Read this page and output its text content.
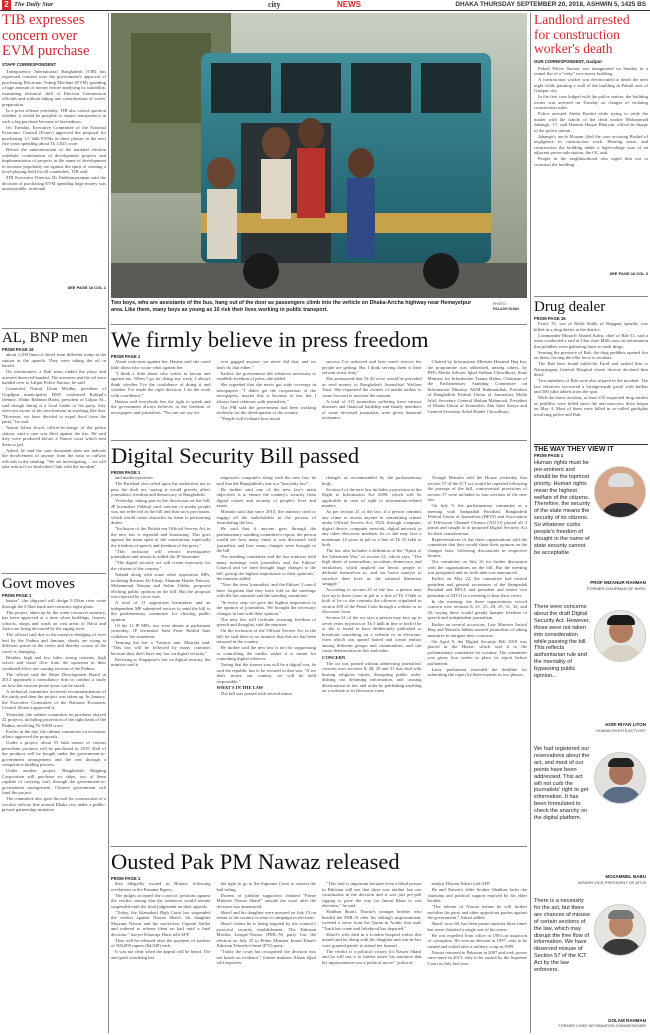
2 The Daily Star	city	NEWS	DHAKA THURSDAY SEPTEMBER 20, 2018, ASHWIN 5, 1425 BS
TIB expresses concern over EVM purchase
STAFF CORRESPONDENT

Transparency International Bangladesh (TIB) has expressed concern over the government's approval of purchasing Electronic Voting Machine (EVM) spending a huge amount of money before analysing its suitability, examining technical skill of Election Commission officials and without taking into consideration of voters' preparation.

In a press release yesterday, TIB also raised question whether it would be possible to ensure transparency in such a big purchase because of hurriedness.

On Tuesday, Executive Committee of the National Economic Council (Ecnec) approved the proposal for purchasing 1.5 lakh EVMs in three phases in the next five years spending about Tk 3,825 crore.

Before the announcement of the national election schedule, continuation of development projects and implementation of projects in the name of development to increase popularity are against the spirit of creating a level-playing field for all contenders, TIB said.

TIB Executive Director Dr Iftekharuzzaman said the decision of purchasing EVM spending huge money was unreasonable, irrational

SEE PAGE 16 COL 1
AL, BNP men
FROM PAGE 16

about 3,100 lines of diesel from different trains in the station in the upazila. They were taking the oil in barrels.

On information, a Rab team raided the place and arrested them red-handed. The arrestees and the oil were handed over to Lalpur Police Station, he said.

Contacted, Nasrul Islam Mridha, president of Gopalpur municipality BNP, confirmed Rafiqul's identity. Abdur Rahman Hadsi, president of Lalpur AL, said though Imtiaj is a local leader of his party, they were not aware of his involvement in anything like that. "However, we have decided to expel Awal from the party," he said.

Nazrul Islam Jewel, officer-in-charge of the police station, said a case was filed against the trio. He said they were produced before a Natore court which sent them to jail.

Asked, he said the case document does not indicate the involvement of anyone from the train or railway officials in the stealing. "We are investigating ... we will take action if we find others' link with the incident".

Govt moves
FROM PAGE 1

basins", the shipyard will design 9.25km river route through the 8.5km bank and construct eight ghats.

The project, taken up by the water resources ministry, has been approved at a time when buildings, houses, schools, shops and roads on vast areas of Naria and Jazira are being devoured by the raging river.

The official said due to the massive dredging of river bed by the Padma and Jamuna, shoals are rising at different points in the rivers and thereby course of the rivers is changing.

Besides, high and low tides, strong currents, high waves and water flow from the upstream in their combined effect are causing erosion of the Padma.

The official said the Water Development Board in 2012 appointed a consultancy firm to conduct a study on how the erosion-prone areas can be saved.

A technical committee reviewed recommendations of the study and then the project was taken up. In January, the Executive Committee of the National Economic Council (Ecnec) approved it.

Yesterday, the cabinet committee on purchase okayed 22 projects, including protection of the right bank of the Padma, involving Tk 9,800 crore.

Earlier in the day, the cabinet committee on economic affairs approved the proposals.

Under a project, about 55 lakh tonnes of various petroleum products will be purchased in 2019. Half of the products will be bought under the government-to-government arrangement and the rest through a competitive bidding process.

Under another project, Bangladesh Shipping Corporation will purchase six ships, two of them capable of carrying coal, through the government-to-government arrangement. Chinese government will fund the project.

The committee also gave the nod for construction of a circular railway line around Dhaka city under a public-private partnership initiative.

Two boys, who are assistants of the bus, hang out of the door as passengers climb into the vehicle on Dhaka-Aricha highway near Hemayetpur area. Like them, many boys as young as 10 risk their lives working in public transport.
PHOTO:
PALASH KHAN
We firmly believe in press freedom
FROM PAGE 1

About criticisms against her, Hasina said she cared little about who wrote what against her.

"I think a little about who writes in favour and against me. When I go for doing any work, I always think whether I've the confidence of doing it and whether I've made the right decision. I do the work with confidence."

Hasina said everybody has the right to speak and the government always believes in the freedom of newspapers and journalists. "No one can say we

ever gagged anyone; we never did that, and we don't do that either."

Earlier, the government did whatever necessary to establish freedom of press, she added.

She regretted that she never got wide coverage in newspapers. "I didn't get the cooperation of the newspapers, maybe this is because of me, but I always have relations with journalists."

The PM said the government had been working tirelessly for the development of the country.

"People will evaluate how much

success I've achieved and how much service the people are getting. But I think serving them is their servant in my duty."

She announced that Tk 20 crore would be provided as seed money to Bangladesh Journalists' Welfare Trust. She requested the owners of media outlets to come forward to increase the amount.

A total of 315 journalists suffering from various diseases and financial hardship and family members of some deceased journalists were given financial assistance.

Chaired by Information Minister Hasanul Haq Inu, the programme was addressed, among others, by PM's Media Adviser Iqbal Sobhan Chowdhury, State Minister for Information Tarana Halim, Chairman of the Parliamentary Standing Committee on Information Ministry AKM Rahmatullah, President of Bangladesh Federal Union of Journalists Molla Jalal, Secretary General Shaban Mahmood, President of Dhaka Union of Journalists Abu Jafar Suriya and General Secretary Sohel Haider Chowdhury.

Digital Security Bill passed
FROM PAGE 1

and media operation.

The Parishad also called upon the authorities not to pass the draft act, saying it would gravely affect journalistic freedom and democracy in Bangladesh.

Yesterday, taking part in the discussion on the bill, JP lawmaker Fakhrul said concern of media people was not reflected in the bill and that such provisions, which would create obstacles for them to performing duties.

"Inclusion of the British-era Official Secrets Act in the new law is regretful and frustrating. This goes against the main spirit of the constitution, especially the freedom of speech and freedom of the press."

"This inclusion will restrict investigative journalism and research; added the JP lawmaker.

"The digital security act will create insecurity for the citizens of the country."

Nahaid along with some other opposition MPs, including Rustom Ali Faraji, Shamim Haider Patwari, Mohammad Noman and Selim Uddin, proposed eliciting public opinion on the bill. But the proposal was rejected by voice vote.

A total of 11 opposition lawmakers and an independent MP submitted notices to send the bill to the parliamentary committee for eliciting public opinion.

Of the 11 JP MPs, two were absent in parliament yesterday. JP lawmaker Sani Ferer Rashid later withdrew her statement.

Terming the law a "historic one, Mustafa said: "This law will be followed by many countries because they don't have any law on digital security."

Referring to Singapore's law on digital security, the minister said it

empowers computers along with the new law, he said that the Bangladesh's one is a "heavenly law".

He further said one of the new law's main objectives is to ensure the country's security from digital crimes and security of people's lives and assets.

Mustafa said that since 2015, the ministry tried to engage all the stakeholders in the process of formulating the law.

He said that if anyone goes through the parliamentary standing committee's report, the person would see how many times it was discussed with journalists and how many changes were brought to the bill.

The standing committee and the law ministry held many meetings with journalists and the Editors' Council and we have brought huge changes to the bill, giving the highest importance to their opinions," the minister added.

"Now the term 'journalists' and the Editors' Council have forgotten that they have told us the meetings with the law minister and the standing committee.

"In every step, we gave the highest importance to the opinion of journalists. We brought the necessary changes in line with their opinion."

The new law will facilitate ensuring freedom of speech and thoughts, said the minister.

On the inclusion of the Official Secrets Act in the bill, he said there is no instance that this act has been misused in the country.

He further said the new law is not for suppressing or controlling the media, rather it is meant for containing digital offences.

Noting that the former was will be a digital war, he said the republic has to be secured in that war. "If we don't secure our country, we will be held responsible."

WHAT'S IN THE LAW

The bill was passed with several minor

changes as recommended by the parliamentary body.

Section 3 of the new law includes a provision of the Right to Information Act 2009, which will be applicable in case of right to information-related matters.

As per section 21 of the law, if a person commits any crime or assists anyone in committing crimes under Official Secrets Act, 1923, through computer, digital device, computer network, digital network or any other electronic medium, he or she may face a maximum 14 years in jail or a fine of Tk 25 lakh or both.

The law also includes a definition of the "Spirit of the Liberation War" in section 21, which says, "The high ideals of nationalism, socialism, democracy and secularism, which inspired our heroic people to dedicate themselves to, and our brave martyrs to sacrifice their lives in, the national liberation struggle."

According to section 25 of the law, a person may face up to three years in jail or a fine of Tk 3 lakh or both of he or she commits the offences stipulated in section 499 of the Penal Code through a website or in electronic form.

Section 31 of the act says a person may face up to seven years in prison or Tk 5 lakh in fine or both if he or she is found to have deliberately published or broadcast something on a website or in electronic form which can spread hatred and create enmity among different groups and communities, and can cause deterioration in law and order.

CONCERN

The act was passed without addressing journalists' concern over sections 8, 28, 29 and 31 that deal with hurting religious values, disrupting public order, dishing out defaming information, and causing deterioration in law and order by publishing anything on a website or in electronic form.

Though Mustafa told the House yesterday that section 57 of the ICT act would be repealed following the passage of the bill, controversial provisions of section 57 were included in four sections of the new law.

On July 9, the parliamentary committee at a meeting with Sampadak Parishad, Bangladesh Federal Union of Journalists (BFUJ) and Association of Television Channel Owners (ATCO) placed all 3 points and sought to to proposed Digital Security Act for their consideration.

Representatives of the three organisations told the committee that they would share their opinion on the changes later, following discussions in respective forums.

The committee on July 16 for further discussion with the organisations on the bill. But the meeting was postponed and no fresh date was announced.

Earlier on May 22, the committee had invited president and general secretaries of the Sampadak Parishad and BFUJ, and president and senior vice president of ATCO to a meeting to hear their views.

In the meeting, the three organisations voiced concern over sections 8, 21, 25, 28, 29, 31, 32, and 43, saying these would greatly hamper freedom of speech and independent journalism.

Earlier on several occasions, Law Minister Anisul Huq and Mustafa Jabbar assured journalists of taking measures to mitigate their concerns.

On April 9, the Digital Security Bill 2018 was placed in the House, which sent it to the parliamentary committee for scrutiny. The committee was given four weeks to place its report before parliament.

Later, parliament extended the deadline for submitting the report by three months in two phases.

Ousted Pak PM Nawaz released
FROM PAGE 1

they allegedly owned in Britain, following revelations in the Panama Papers.

The judges accepted the convicts' petitions against the verdict, noting that the sentences would remain suspended until the final judgement on their appeals.

"Today, the Islamabad High Court has suspended the verdict against Nawaz Sharif, his daughter Maryam Nawaz and his son-in-law Captain Safdar and ordered to release them on bail until a final decision," lawyer Khawaja Haris told AFP.

They will be released after the payment of sureties of 500,000 rupees ($4,038) each.

It was not clear when the appeal will be heard. The anti-graft watchdog has

the right to go to the Supreme Court to contest the bail ruling.

Dozens of jubilant supporters chanted "Prime Minister Nawaz Sharif" outside the court after the decision was announced.

Sharif and his daughter were arrested on July 13 on return to the country in time to campaign in elections.

Sharif claims he is being targeted by the country's powerful security establishment. The Pakistan Muslim League-Nawaz (PML-N) party lost the election on July 25 to Prime Minister Imran Khan's Pakistan Tehreek-i-Insaf (PTI) party.

"Today the court has recognised the decision was not based on evidence," former minister Ahsan Iqbal told reporters.

"This trial is important because even a blind person in Pakistan will see that there was neither law nor constitution in the decision and it was just pre-poll rigging to pave the way for Imran Khan to win elections," he said.

Shahbaz Sharif, Nawaz's younger brother who headed the PML-N after his sibling's imprisonment, tweeted a verse from the Quran in Arabic that said: "Truth has come and falsehood has departed."

Sharif's wife died in a London hospital earlier this month and he along with his daughter and son-in-law were granted parole to attend her funeral.

The verdict is a political victory for Nawaz Sharif and he will use it to further assert his narrative that his imprisonment was a political move," political

analyst Hassan Askari told AFP.

He and Nawaz's elder brother Shahbaz lacks the charisma and political support enjoyed by his elder brother.

"The release of Nawaz means he will further mobilise his party and other opposition parties against the government," Askari added.

Sharif, now 68, has been prime minister three times but never finished a single one of his terms.

He was expelled from office in 1993 on suspicion of corruption. He won an election in 1997, only to be ousted and exiled after a military coup in 1999.

Nawaz returned to Pakistan in 2007 and took power once more in 2013, only to be ousted by the Supreme Court in July last year.

Landlord arrested for construction worker's death
OUR CORRESPONDENT, Gazipur

Pubail Police Station was inaugurated on Sunday in a rented flat of a "risky" two-storey building.

A construction worker was electrocuted to death the next night while painting a wall of the building in Pubail area of Gazipur city.

In the first case lodged with the police station, the building owner was arrested on Tuesday on charges of violating construction rules.

Police arrested Abdur Rashid while trying to settle the matter with the family of the dead worker Mohammad Jahangir, 17, said Hasmat Haque Bhuiyan, officer-in-charge of the police station.

Jahangir's uncle Mozam filed the case accusing Rashid of negligence in construction work. Hearing noise, and construction the building under a high-voltage wire of an adjacent power sub-station, the OC said.

People in the neighbourhood also urged him not to construct the building

SEE PAGE 16 COL 6
Drug dealer
FROM PAGE 16

Farid, 35, son of Rafid Shikh of Rupganj upazila, was killed in a drug dealer in the district.

Commander Mosarff Ahmed Kabir, chief of Rab-11, said a team conducted a raid at Char Jone Mills area on information that peddlers were gathering there to trade drugs.

Sensing the presence of Rab, the drug peddlers opened fire on them, forcing the elite force to retaliate.

The Rab later found bullet-hit Farid and rushed him to Narayanganj General Hospital where doctors declared him dead.

Two members of Rab were also injured in the incident. The law enforcers recovered a foreign-made pistol with bullets and 500 yaba tablets from the spot.

With the latest incident, at least 235 suspected drug traders or peddlers were killed since the anti-narcotics drive began on May 4. Most of them were killed in so-called gunfights involving police and Rab.

THE WAY THEY VIEW IT
FROM PAGE 1
Human rights must be pre-eminent and should be the topmost priority. Human rights mean the highest welfare of the citizens. Therefore, the security of the state means the security of its citizens. So whatever curbs people's freedom of thought in the name of state security cannot be acceptable.
PROF MIZANUR RAHMAN
FORMER CHAIRMAN OF NHRC
There were concerns about the draft Digital Security Act. However, those were not taken into consideration while passing the bill. This reflects authoritarian rule and the mentality of bypassing public opinion...
HORI RIYAN LITON
HUMAN RIGHTS ACTIVIST
We had registered our reservations about the act, and most of our points have been addressed. This act will not curb the journalists' right to get information. It has been formulated to check the anarchy on the digital platform.
MOZAMMEL BABU
SENIOR VICE-PRESIDENT OF ATCO
There is a necessity for the act, but there are chances of misuse of certain sections of the law, which may disrupt the free flow of information. We have observed misuse of Section 57 of the ICT Act by the law enforcers.
GOLAM RAHMAN
FORMER CHIEF INFORMATION COMMISSIONER
